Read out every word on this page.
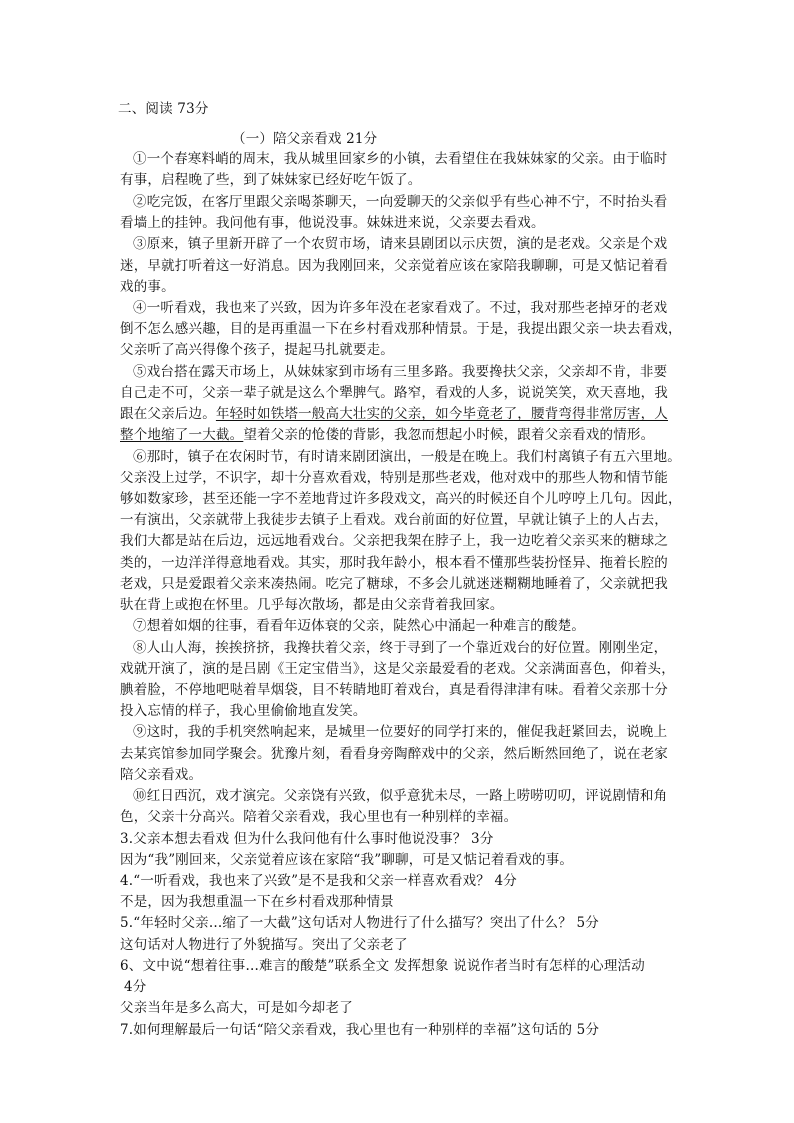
二、阅读 73分
（一）陪父亲看戏 21分
①一个春寒料峭的周末，我从城里回家乡的小镇，去看望住在我妹妹家的父亲。由于临时
有事，启程晚了些，到了妹妹家已经好吃午饭了。
②吃完饭，在客厅里跟父亲喝茶聊天，一向爱聊天的父亲似乎有些心神不宁，不时抬头看
看墙上的挂钟。我问他有事，他说没事。妹妹进来说，父亲要去看戏。
③原来，镇子里新开辟了一个农贸市场，请来县剧团以示庆贺，演的是老戏。父亲是个戏
迷，早就打听着这一好消息。因为我刚回来，父亲觉着应该在家陪我聊聊，可是又惦记着看
戏的事。
④一听看戏，我也来了兴致，因为许多年没在老家看戏了。不过，我对那些老掉牙的老戏
倒不怎么感兴趣，目的是再重温一下在乡村看戏那种情景。于是，我提出跟父亲一块去看戏，
父亲听了高兴得像个孩子，提起马扎就要走。
⑤戏台搭在露天市场上，从妹妹家到市场有三里多路。我要搀扶父亲，父亲却不肯，非要
自己走不可，父亲一辈子就是这么个犟脾气。路窄，看戏的人多，说说笑笑，欢天喜地，我
跟在父亲后边。年轻时如铁塔一般高大壮实的父亲，如今毕竟老了，腰背弯得非常厉害，人
整个地缩了一大截。望着父亲的怆偻的背影，我忽而想起小时候，跟着父亲看戏的情形。
⑥那时，镇子在农闲时节，有时请来剧团演出，一般是在晚上。我们村离镇子有五六里地。
父亲没上过学，不识字，却十分喜欢看戏，特别是那些老戏，他对戏中的那些人物和情节能
够如数家珍，甚至还能一字不差地背过许多段戏文，高兴的时候还自个儿哼哼上几句。因此，
一有演出，父亲就带上我徒步去镇子上看戏。戏台前面的好位置，早就让镇子上的人占去，
我们大都是站在后边，远远地看戏台。父亲把我架在脖子上，我一边吃着父亲买来的糖球之
类的，一边洋洋得意地看戏。其实，那时我年龄小，根本看不懂那些装扮怪异、拖着长腔的
老戏，只是爱跟着父亲来凑热闹。吃完了糖球，不多会儿就迷迷糊糊地睡着了，父亲就把我
驮在背上或抱在怀里。几乎每次散场，都是由父亲背着我回家。
⑦想着如烟的往事，看看年迈体衰的父亲，陡然心中涌起一种难言的酸楚。
⑧人山人海，挨挨挤挤，我搀扶着父亲，终于寻到了一个靠近戏台的好位置。刚刚坐定，
戏就开演了，演的是吕剧《王定宝借当》，这是父亲最爱看的老戏。父亲满面喜色，仰着头，
腆着脸，不停地吧哒着旱烟袋，目不转睛地盯着戏台，真是看得津津有味。看着父亲那十分
投入忘情的样子，我心里偷偷地直发笑。
⑨这时，我的手机突然响起来，是城里一位要好的同学打来的，催促我赶紧回去，说晚上
去某宾馆参加同学聚会。犹豫片刻，看看身旁陶醉戏中的父亲，然后断然回绝了，说在老家
陪父亲看戏。
⑩红日西沉，戏才演完。父亲饶有兴致，似乎意犹未尽，一路上唠唠叨叨，评说剧情和角
色，父亲十分高兴。陪着父亲看戏，我心里也有一种别样的幸福。
3.父亲本想去看戏 但为什么我问他有什么事时他说没事？ 3分
因为“我”刚回来，父亲觉着应该在家陪“我”聊聊，可是又惦记着看戏的事。
4.“一听看戏，我也来了兴致”是不是我和父亲一样喜欢看戏？ 4分
不是，因为我想重温一下在乡村看戏那种情景
5.“年轻时父亲...缩了一大截”这句话对人物进行了什么描写？突出了什么？ 5分
这句话对人物进行了外貌描写。突出了父亲老了
6、文中说“想着往事...难言的酸楚”联系全文 发挥想象 说说作者当时有怎样的心理活动
4分
父亲当年是多么高大，可是如今却老了
7.如何理解最后一句话“陪父亲看戏，我心里也有一种别样的幸福”这句话的 5分
